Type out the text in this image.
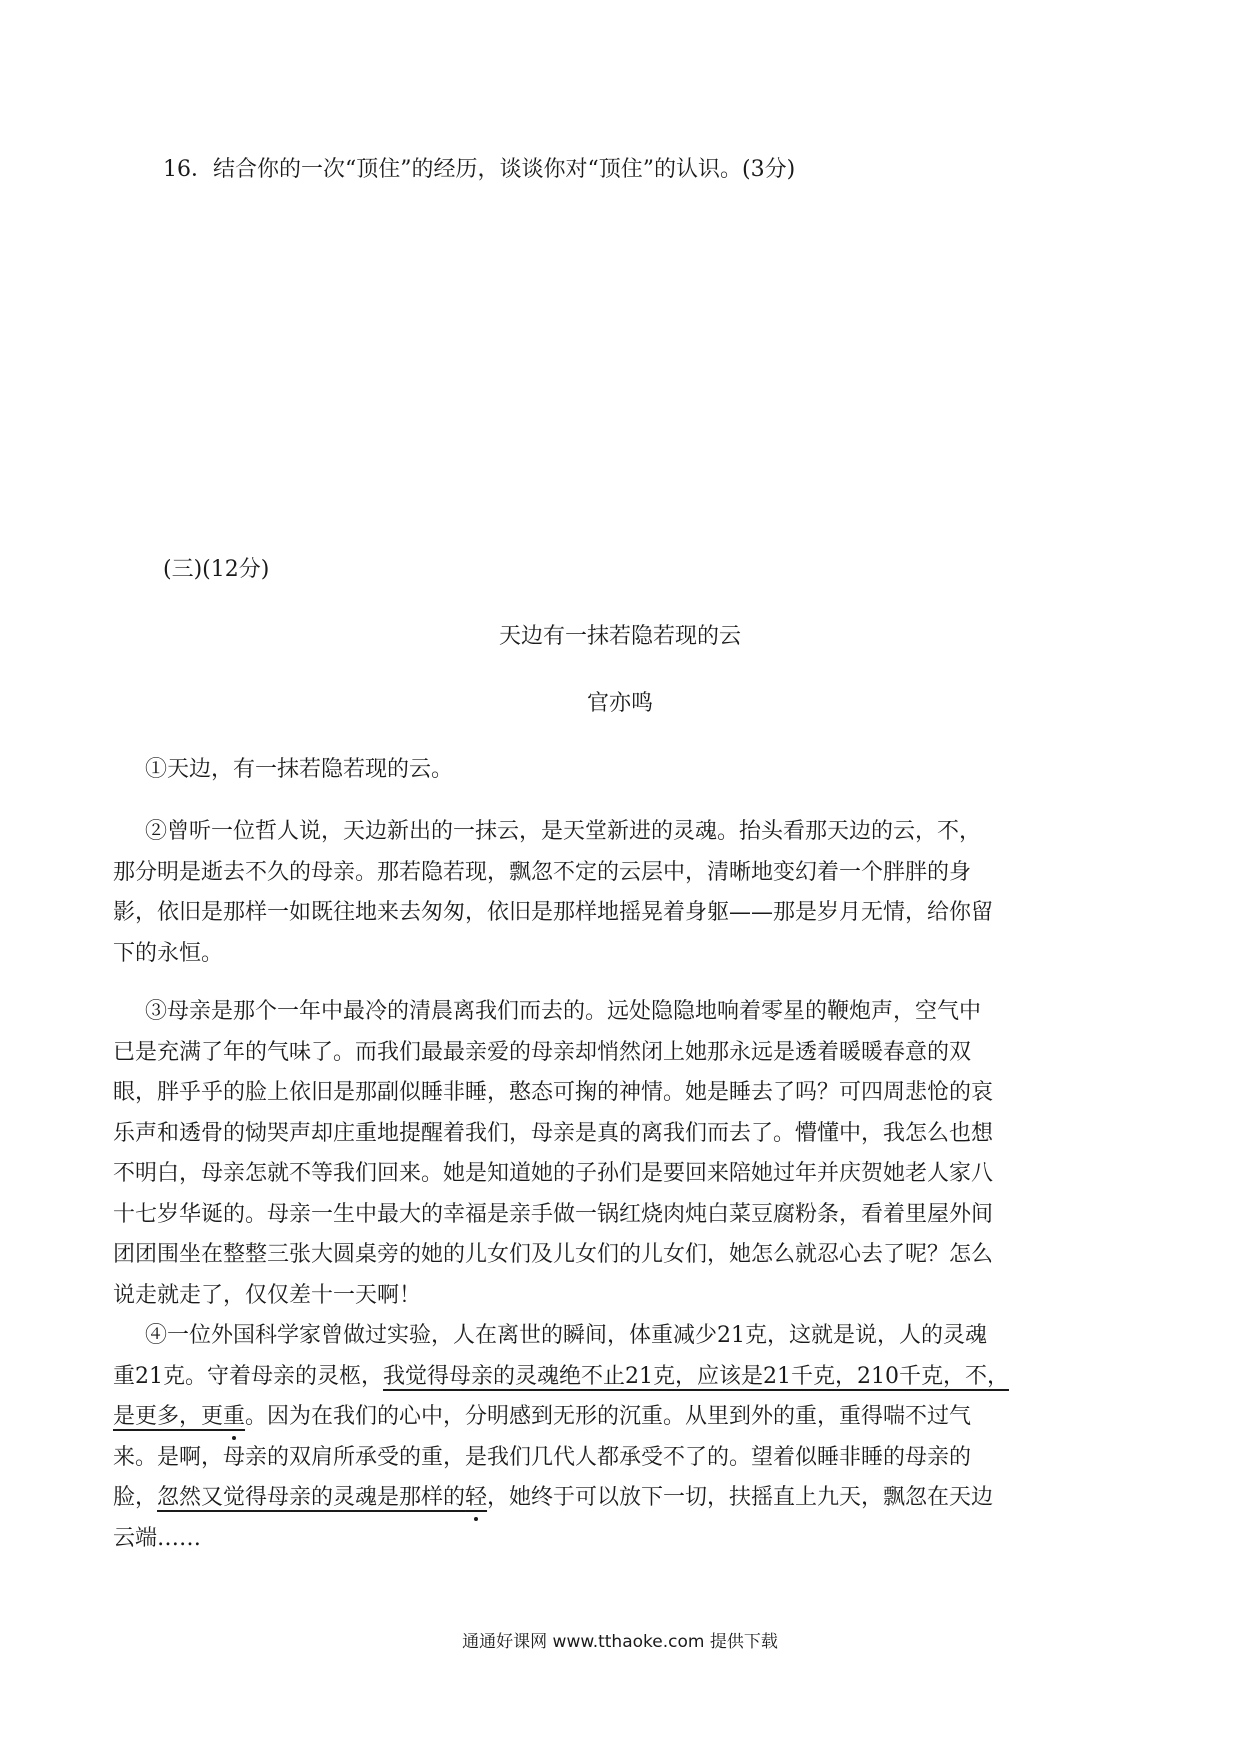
16．结合你的一次“顶住”的经历，谈谈你对“顶住”的认识。(3分)
(三)(12分)
天边有一抹若隐若现的云
官亦鸣
①天边，有一抹若隐若现的云。
②曾听一位哲人说，天边新出的一抹云，是天堂新进的灵魂。抬头看那天边的云，不，
那分明是逝去不久的母亲。那若隐若现，飘忽不定的云层中，清晰地变幻着一个胖胖的身
影，依旧是那样一如既往地来去匆匆，依旧是那样地摇晃着身躯——那是岁月无情，给你留
下的永恒。
③母亲是那个一年中最冷的清晨离我们而去的。远处隐隐地响着零星的鞭炮声，空气中
已是充满了年的气味了。而我们最最亲爱的母亲却悄然闭上她那永远是透着暖暖春意的双
眼，胖乎乎的脸上依旧是那副似睡非睡，憨态可掬的神情。她是睡去了吗？可四周悲怆的哀
乐声和透骨的恸哭声却庄重地提醒着我们，母亲是真的离我们而去了。懵懂中，我怎么也想
不明白，母亲怎就不等我们回来。她是知道她的子孙们是要回来陪她过年并庆贺她老人家八
十七岁华诞的。母亲一生中最大的幸福是亲手做一锅红烧肉炖白菜豆腐粉条，看着里屋外间
团团围坐在整整三张大圆桌旁的她的儿女们及儿女们的儿女们，她怎么就忍心去了呢？怎么
说走就走了，仅仅差十一天啊！
④一位外国科学家曾做过实验，人在离世的瞬间，体重减少21克，这就是说，人的灵魂
重21克。守着母亲的灵柩，我觉得母亲的灵魂绝不止21克，应该是21千克，210千克，不，
是更多，更重。因为在我们的心中，分明感到无形的沉重。从里到外的重，重得喘不过气
来。是啊，母亲的双肩所承受的重，是我们几代人都承受不了的。望着似睡非睡的母亲的
脸，忽然又觉得母亲的灵魂是那样的轻，她终于可以放下一切，扶摇直上九天，飘忽在天边
云端……
通通好课网 www.tthaoke.com 提供下载
